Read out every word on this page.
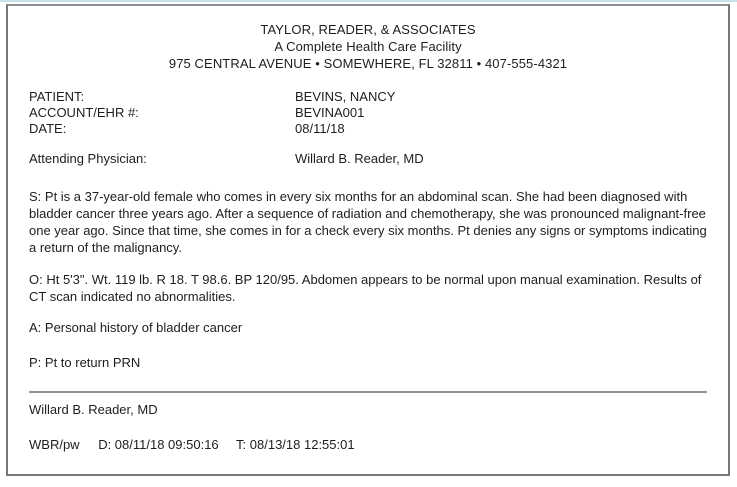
TAYLOR, READER, & ASSOCIATES
A Complete Health Care Facility
975 CENTRAL AVENUE • SOMEWHERE, FL 32811 • 407-555-4321
PATIENT:	BEVINS, NANCY
ACCOUNT/EHR #:	BEVINA001
DATE:	08/11/18
Attending Physician:	Willard B. Reader, MD

S: Pt is a 37-year-old female who comes in every six months for an abdominal scan. She had been diagnosed with bladder cancer three years ago. After a sequence of radiation and chemotherapy, she was pronounced malignant-free one year ago. Since that time, she comes in for a check every six months. Pt denies any signs or symptoms indicating a return of the malignancy.

O: Ht 5'3". Wt. 119 lb. R 18. T 98.6. BP 120/95. Abdomen appears to be normal upon manual examination. Results of CT scan indicated no abnormalities.

A: Personal history of bladder cancer

P: Pt to return PRN

Willard B. Reader, MD
WBR/pw D: 08/11/18 09:50:16 T: 08/13/18 12:55:01
